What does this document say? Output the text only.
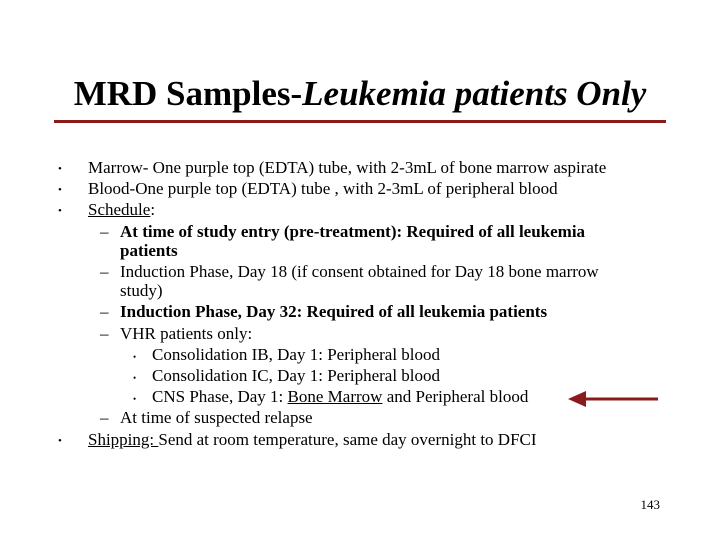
MRD Samples-Leukemia patients Only
• Marrow- One purple top (EDTA) tube, with 2-3mL of bone marrow aspirate
• Blood-One purple top (EDTA) tube , with 2-3mL of peripheral blood
• Schedule:
– At time of study entry (pre-treatment): Required of all leukemia
patients
– Induction Phase, Day 18 (if consent obtained for Day 18 bone marrow
study)
– Induction Phase, Day 32: Required of all leukemia patients
– VHR patients only:
• Consolidation IB, Day 1: Peripheral blood
• Consolidation IC, Day 1: Peripheral blood
• CNS Phase, Day 1: Bone Marrow and Peripheral blood
– At time of suspected relapse
• Shipping: Send at room temperature, same day overnight to DFCI
143
